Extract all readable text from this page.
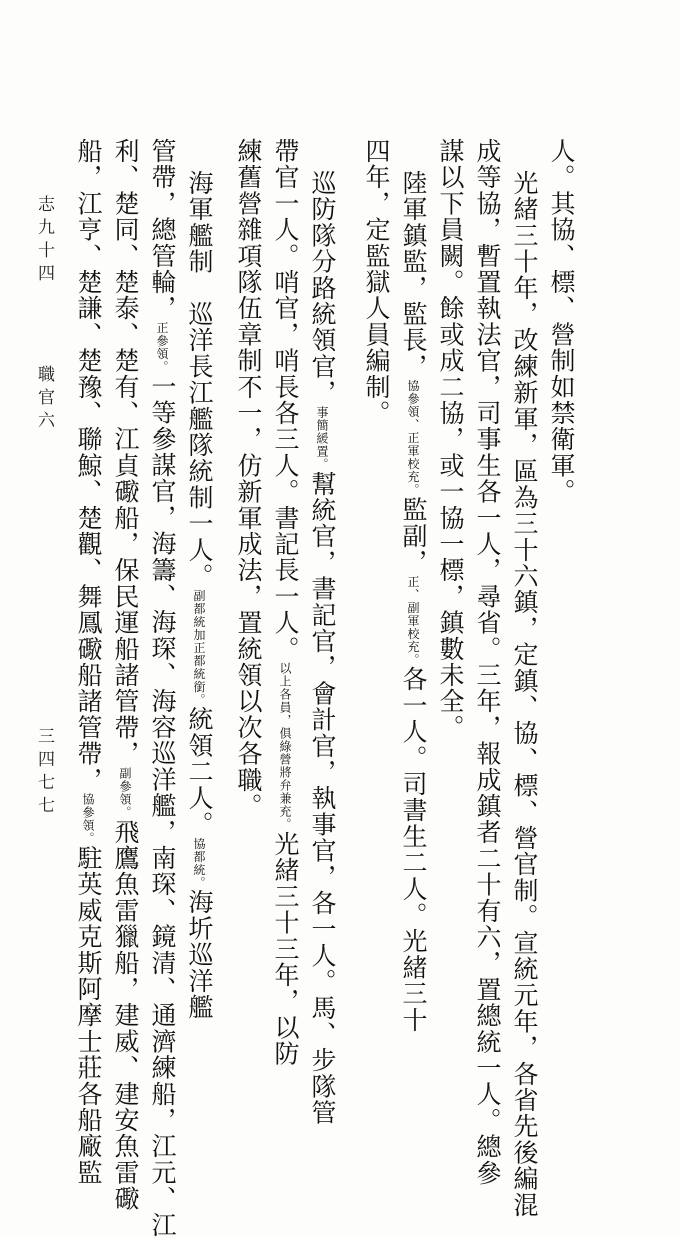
人。其協、標、營制如禁衛軍。
光緒三十年，改練新軍，區為三十六鎮，定鎮、協、標、營官制。宣統元年，各省先後編混
成等協，暫置執法官，司事生各一人，尋省。三年，報成鎮者二十有六，置總統一人。總參
謀以下員闕。餘或成二協，或一協一標，鎮數未全。
陸軍鎮監，監長，協參領、正軍校充。監副，正、副軍校充。各一人。司書生二人。光緒三十
四年，定監獄人員編制。
巡防隊分路統領官，事簡緩置。幫統官，書記官，會計官，執事官，各一人。馬、步隊管
帶官一人。哨官，哨長各三人。書記長一人。以上各員，俱綠營將弁兼充。光緒三十三年，以防
練舊營雜項隊伍章制不一，仿新軍成法，置統領以次各職。
海軍艦制　巡洋長江艦隊統制一人。副都統加正都統銜。統領二人。協都統。海圻巡洋艦
管帶，總管輪，正參領。一等參謀官，海籌、海琛、海容巡洋艦，南琛、鏡清、通濟練船，江元、江
利、楚同、楚泰、楚有、江貞礮船，保民運船諸管帶，副參領。飛鷹魚雷獵船，建威、建安魚雷礮
船，江亨、楚謙、楚豫、聯鯨、楚觀、舞鳳礮船諸管帶，協參領。駐英威克斯阿摩士莊各船廠監
志九十四
職官六
三四七七
